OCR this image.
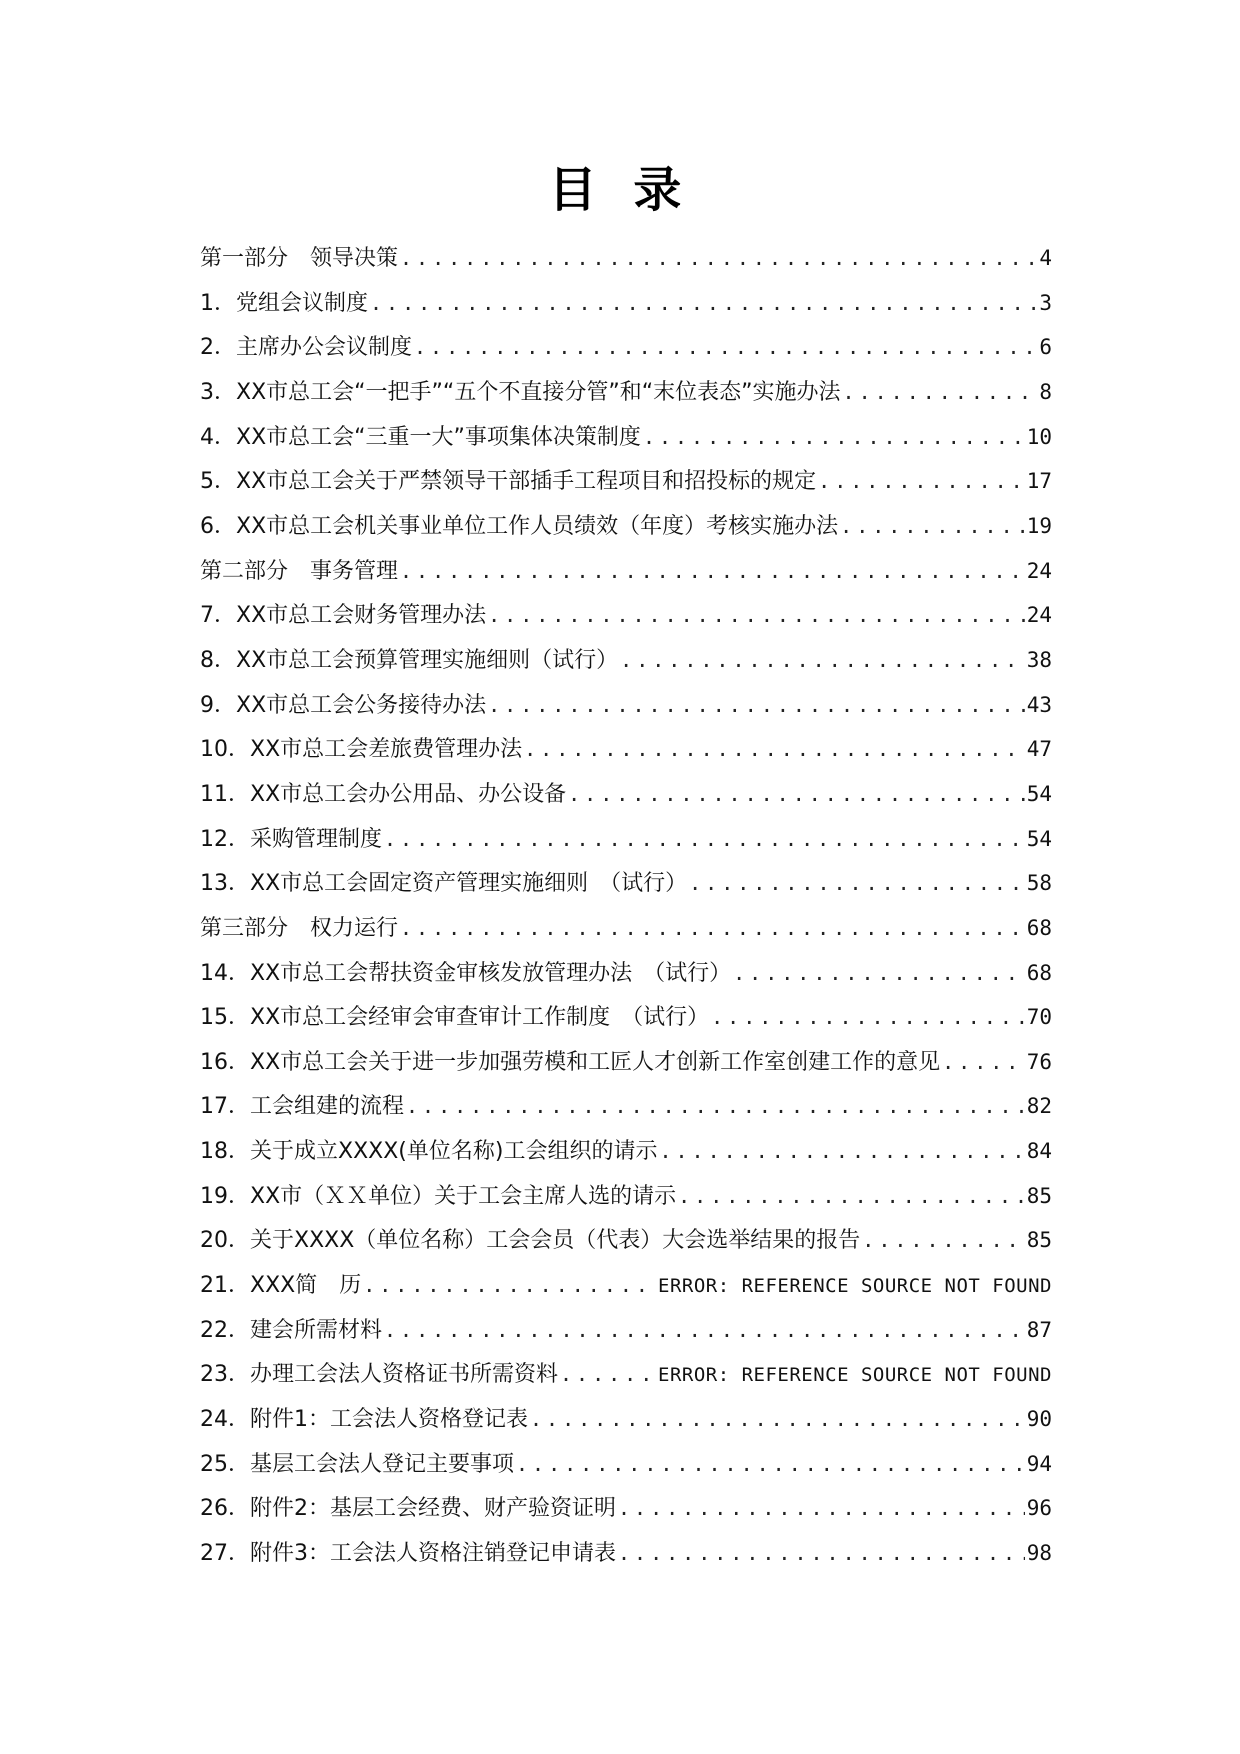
目 录
第一部分　领导决策 .....	4
1．党组会议制度 .....	3
2．主席办公会议制度 .....	6
3．XX市总工会“一把手”“五个不直接分管”和“末位表态”实施办法 .....	8
4．XX市总工会“三重一大”事项集体决策制度 .....	10
5．XX市总工会关于严禁领导干部插手工程项目和招投标的规定 .....	17
6．XX市总工会机关事业单位工作人员绩效（年度）考核实施办法 .....	19
第二部分　事务管理 .....	24
7．XX市总工会财务管理办法 .....	24
8．XX市总工会预算管理实施细则（试行） .....	38
9．XX市总工会公务接待办法 .....	43
10．XX市总工会差旅费管理办法 .....	47
11．XX市总工会办公用品、办公设备 .....	54
12．采购管理制度 .....	54
13．XX市总工会固定资产管理实施细则　（试行） .....	58
第三部分　权力运行 .....	68
14．XX市总工会帮扶资金审核发放管理办法　（试行） .....	68
15．XX市总工会经审会审查审计工作制度　（试行） .....	70
16．XX市总工会关于进一步加强劳模和工匠人才创新工作室创建工作的意见 .....	76
17．工会组建的流程 .....	82
18．关于成立XXXX(单位名称)工会组织的请示 .....	84
19．XX市（ＸＸ单位）关于工会主席人选的请示 .....	85
20．关于XXXX（单位名称）工会会员（代表）大会选举结果的报告 .....	85
21．XXX简　历 .....	ERROR: REFERENCE SOURCE NOT FOUND
22．建会所需材料 .....	87
23．办理工会法人资格证书所需资料 .....	ERROR: REFERENCE SOURCE NOT FOUND
24．附件1：工会法人资格登记表 .....	90
25．基层工会法人登记主要事项 .....	94
26．附件2：基层工会经费、财产验资证明 .....	96
27．附件3：工会法人资格注销登记申请表 .....	98
